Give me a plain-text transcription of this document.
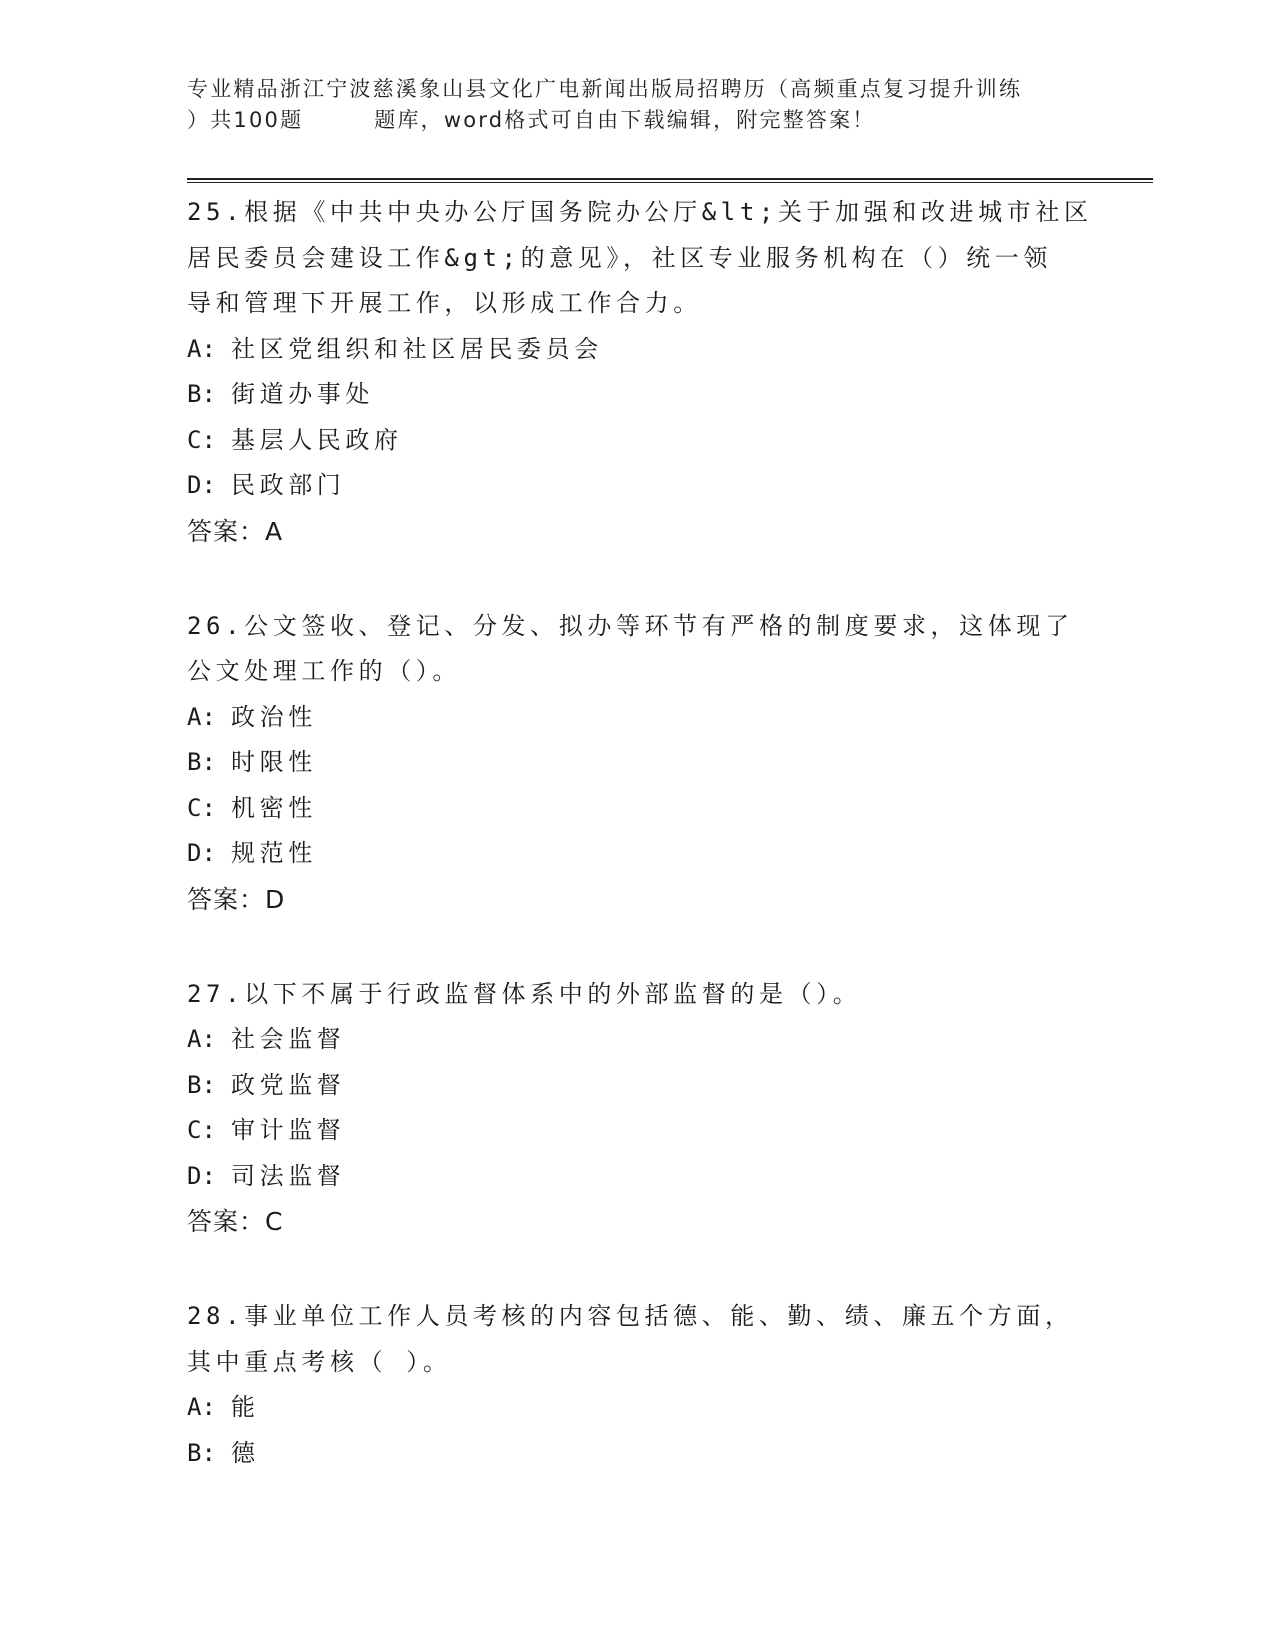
专业精品浙江宁波慈溪象山县文化广电新闻出版局招聘历（高频重点复习提升训练
）共100题        题库，word格式可自由下载编辑，附完整答案！
25.根据《中共中央办公厅国务院办公厅&lt;关于加强和改进城市社区
居民委员会建设工作&gt;的意见》，社区专业服务机构在（）统一领
导和管理下开展工作，以形成工作合力。
A: 社区党组织和社区居民委员会
B: 街道办事处
C: 基层人民政府
D: 民政部门
答案：A
26.公文签收、登记、分发、拟办等环节有严格的制度要求，这体现了
公文处理工作的（）。
A: 政治性
B: 时限性
C: 机密性
D: 规范性
答案：D
27.以下不属于行政监督体系中的外部监督的是（）。
A: 社会监督
B: 政党监督
C: 审计监督
D: 司法监督
答案：C
28.事业单位工作人员考核的内容包括德、能、勤、绩、廉五个方面，
其中重点考核（ ）。
A: 能
B: 德
